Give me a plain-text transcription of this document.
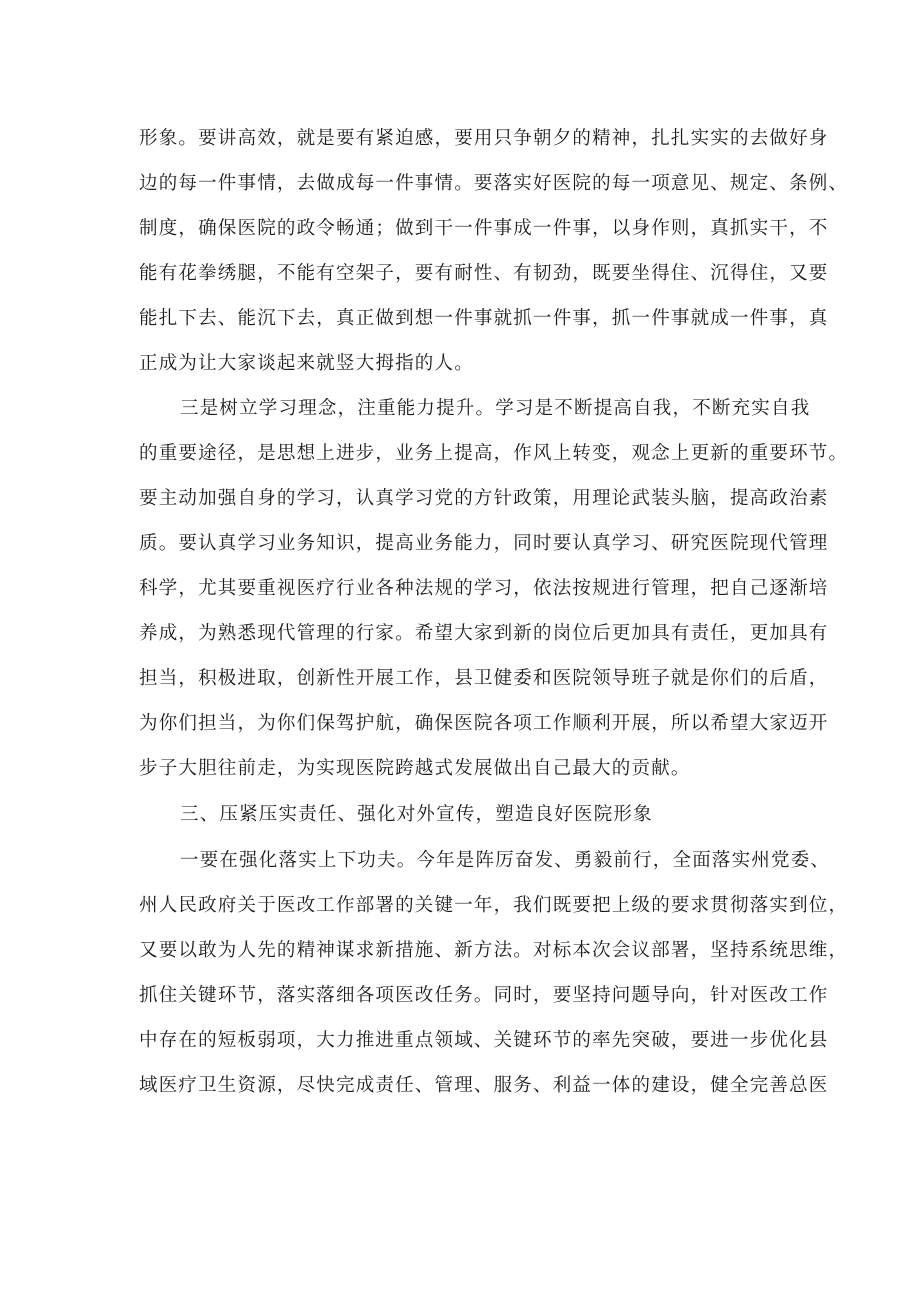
形象。要讲高效，就是要有紧迫感，要用只争朝夕的精神，扎扎实实的去做好身
边的每一件事情，去做成每一件事情。要落实好医院的每一项意见、规定、条例、
制度，确保医院的政令畅通；做到干一件事成一件事，以身作则，真抓实干，不
能有花拳绣腿，不能有空架子，要有耐性、有韧劲，既要坐得住、沉得住，又要
能扎下去、能沉下去，真正做到想一件事就抓一件事，抓一件事就成一件事，真
正成为让大家谈起来就竖大拇指的人。
三是树立学习理念，注重能力提升。学习是不断提高自我，不断充实自我
的重要途径，是思想上进步，业务上提高，作风上转变，观念上更新的重要环节。
要主动加强自身的学习，认真学习党的方针政策，用理论武装头脑，提高政治素
质。要认真学习业务知识，提高业务能力，同时要认真学习、研究医院现代管理
科学，尤其要重视医疗行业各种法规的学习，依法按规进行管理，把自己逐渐培
养成，为熟悉现代管理的行家。希望大家到新的岗位后更加具有责任，更加具有
担当，积极进取，创新性开展工作，县卫健委和医院领导班子就是你们的后盾，
为你们担当，为你们保驾护航，确保医院各项工作顺利开展，所以希望大家迈开
步子大胆往前走，为实现医院跨越式发展做出自己最大的贡献。
三、压紧压实责任、强化对外宣传，塑造良好医院形象
一要在强化落实上下功夫。今年是阵厉奋发、勇毅前行，全面落实州党委、
州人民政府关于医改工作部署的关键一年，我们既要把上级的要求贯彻落实到位，
又要以敢为人先的精神谋求新措施、新方法。对标本次会议部署，坚持系统思维，
抓住关键环节，落实落细各项医改任务。同时，要坚持问题导向，针对医改工作
中存在的短板弱项，大力推进重点领域、关键环节的率先突破，要进一步优化县
域医疗卫生资源，尽快完成责任、管理、服务、利益一体的建设，健全完善总医
